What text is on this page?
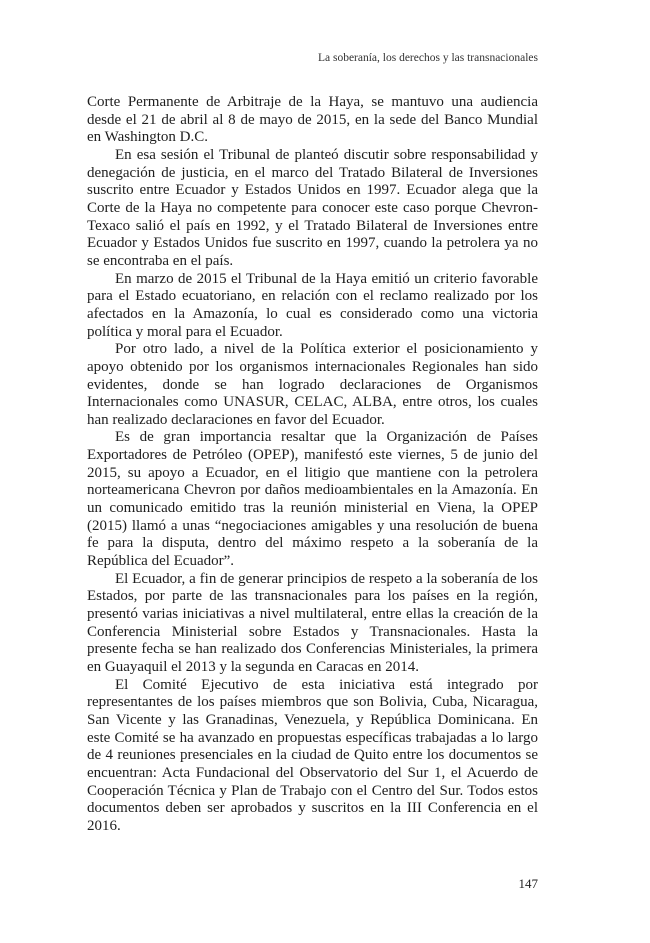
La soberanía, los derechos y las transnacionales

Corte Permanente de Arbitraje de la Haya, se mantuvo una audiencia desde el 21 de abril al 8 de mayo de 2015, en la sede del Banco Mundial en Washington D.C.

En esa sesión el Tribunal de planteó discutir sobre responsabilidad y denegación de justicia, en el marco del Tratado Bilateral de Inversiones suscrito entre Ecuador y Estados Unidos en 1997. Ecuador alega que la Corte de la Haya no competente para conocer este caso porque Chevron-Texaco salió el país en 1992, y el Tratado Bilateral de Inversiones entre Ecuador y Estados Unidos fue suscrito en 1997, cuando la petrolera ya no se encontraba en el país.

En marzo de 2015 el Tribunal de la Haya emitió un criterio favorable para el Estado ecuatoriano, en relación con el reclamo realizado por los afectados en la Amazonía, lo cual es considerado como una victoria política y moral para el Ecuador.

Por otro lado, a nivel de la Política exterior el posicionamiento y apoyo obtenido por los organismos internacionales Regionales han sido evidentes, donde se han logrado declaraciones de Organismos Internacionales como UNASUR, CELAC, ALBA, entre otros, los cuales han realizado declaraciones en favor del Ecuador.

Es de gran importancia resaltar que la Organización de Países Exportadores de Petróleo (OPEP), manifestó este viernes, 5 de junio del 2015, su apoyo a Ecuador, en el litigio que mantiene con la petrolera norteamericana Chevron por daños medioambientales en la Amazonía. En un comunicado emitido tras la reunión ministerial en Viena, la OPEP (2015) llamó a unas “negociaciones amigables y una resolución de buena fe para la disputa, dentro del máximo respeto a la soberanía de la República del Ecuador”.

El Ecuador, a fin de generar principios de respeto a la soberanía de los Estados, por parte de las transnacionales para los países en la región, presentó varias iniciativas a nivel multilateral, entre ellas la creación de la Conferencia Ministerial sobre Estados y Transnacionales. Hasta la presente fecha se han realizado dos Conferencias Ministeriales, la primera en Guayaquil el 2013 y la segunda en Caracas en 2014.

El Comité Ejecutivo de esta iniciativa está integrado por representantes de los países miembros que son Bolivia, Cuba, Nicaragua, San Vicente y las Granadinas, Venezuela, y República Dominicana. En este Comité se ha avanzado en propuestas específicas trabajadas a lo largo de 4 reuniones presenciales en la ciudad de Quito entre los documentos se encuentran: Acta Fundacional del Observatorio del Sur 1, el Acuerdo de Cooperación Técnica y Plan de Trabajo con el Centro del Sur. Todos estos documentos deben ser aprobados y suscritos en la III Conferencia en el 2016.

147
